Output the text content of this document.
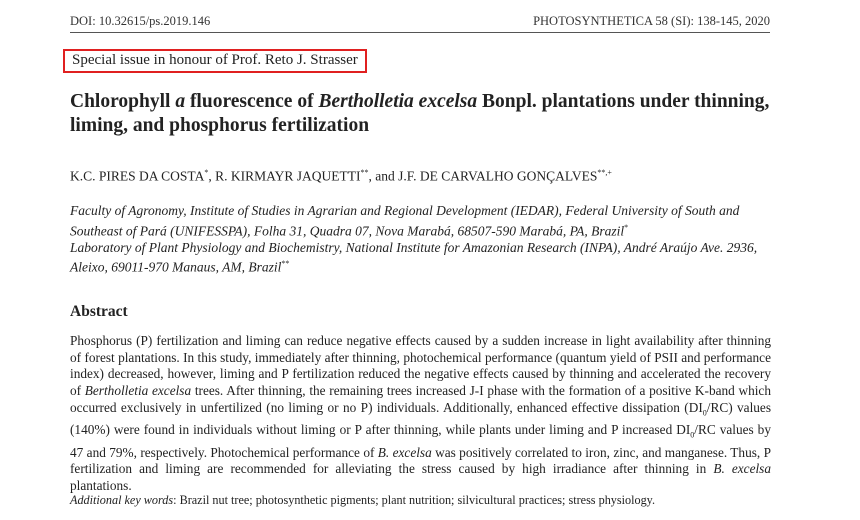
DOI: 10.32615/ps.2019.146	PHOTOSYNTHETICA 58 (SI): 138-145, 2020
Special issue in honour of Prof. Reto J. Strasser
Chlorophyll a fluorescence of Bertholletia excelsa Bonpl. plantations under thinning, liming, and phosphorus fertilization
K.C. PIRES DA COSTA*, R. KIRMAYR JAQUETTI**, and J.F. DE CARVALHO GONÇALVES**,+
Faculty of Agronomy, Institute of Studies in Agrarian and Regional Development (IEDAR), Federal University of South and Southeast of Pará (UNIFESSPA), Folha 31, Quadra 07, Nova Marabá, 68507-590 Marabá, PA, Brazil*
Laboratory of Plant Physiology and Biochemistry, National Institute for Amazonian Research (INPA), André Araújo Ave. 2936, Aleixo, 69011-970 Manaus, AM, Brazil**
Abstract
Phosphorus (P) fertilization and liming can reduce negative effects caused by a sudden increase in light availability after thinning of forest plantations. In this study, immediately after thinning, photochemical performance (quantum yield of PSII and performance index) decreased, however, liming and P fertilization reduced the negative effects caused by thinning and accelerated the recovery of Bertholletia excelsa trees. After thinning, the remaining trees increased J-I phase with the formation of a positive K-band which occurred exclusively in unfertilized (no liming or no P) individuals. Additionally, enhanced effective dissipation $(DI_0/RC)$ values (140%) were found in individuals without liming or P after thinning, while plants under liming and P increased $DI_0/RC$ values by 47 and 79%, respectively. Photochemical performance of B. excelsa was positively correlated to iron, zinc, and manganese. Thus, P fertilization and liming are recommended for alleviating the stress caused by high irradiance after thinning in B. excelsa plantations.
Additional key words: Brazil nut tree; photosynthetic pigments; plant nutrition; silvicultural practices; stress physiology.
